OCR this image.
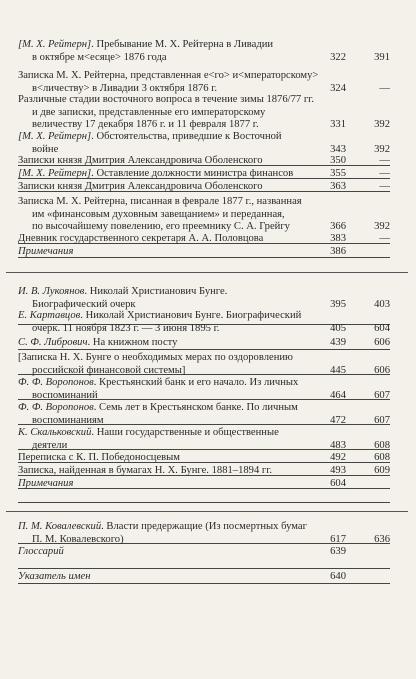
[М. Х. Рейтерн]. Пребывание М. Х. Рейтерна в Ливадии
в октябре м<есяце> 1876 года	322	391
Записка М. Х. Рейтерна, представленная е<го> и<мператорскому>
в<личеству> в Ливадии 3 октября 1876 г.	324	—
Различные стадии восточного вопроса в течение зимы 1876/77 гг.
и две записки, представленные его императорскому
величеству 17 декабря 1876 г. и 11 февраля 1877 г.	331	392
[М. Х. Рейтерн]. Обстоятельства, приведшие к Восточной
войне	343	392
Записки князя Дмитрия Александровича Оболенского	350	—
[М. Х. Рейтерн]. Оставление должности министра финансов	355	—
Записки князя Дмитрия Александровича Оболенского	363	—
Записка М. Х. Рейтерна, писанная в феврале 1877 г., названная
им «финансовым духовным завещанием» и переданная,
по высочайшему повелению, его преемнику С. А. Грейгу	366	392
Дневник государственного секретаря А. А. Половцова	383	—
Примечания	386
И. В. Лукоянов. Николай Христианович Бунге.
Биографический очерк	395	403
Е. Картавцов. Николай Христианович Бунге. Биографический
очерк. 11 ноября 1823 г. — 3 июня 1895 г.	405	604
С. Ф. Либрович. На книжном посту	439	606
[Записка Н. Х. Бунге о необходимых мерах по оздоровлению
российской финансовой системы]	445	606
Ф. Ф. Воропонов. Крестьянский банк и его начало. Из личных
воспоминаний	464	607
Ф. Ф. Воропонов. Семь лет в Крестьянском банке. По личным
воспоминаниям	472	607
К. Скальковский. Наши государственные и общественные
деятели	483	608
Переписка с К. П. Победоносцевым	492	608
Записка, найденная в бумагах Н. Х. Бунге. 1881–1894 гг.	493	609
Примечания	604
П. М. Ковалевский. Власти предержащие (Из посмертных бумаг
П. М. Ковалевского)	617	636
Глоссарий	639
Указатель имен	640
